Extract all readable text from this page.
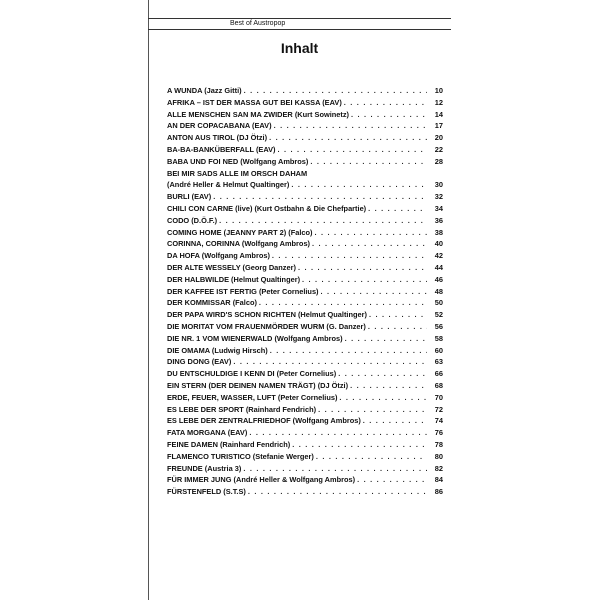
Best of Austropop
Inhalt
A WUNDA (Jazz Gitti) . . .	10
AFRIKA – IST DER MASSA GUT BEI KASSA (EAV) . . .	12
ALLE MENSCHEN SAN MA ZWIDER (Kurt Sowinetz) . . .	14
AN DER COPACABANA (EAV) . . .	17
ANTON AUS TIROL (DJ Ötzi) . . .	20
BA-BA-BANKÜBERFALL (EAV) . . .	22
BABA UND FOI NED (Wolfgang Ambros) . . .	28
BEI MIR SADS ALLE IM ORSCH DAHAM
(André Heller & Helmut Qualtinger) . . .	30
BURLI (EAV) . . .	32
CHILI CON CARNE (live) (Kurt Ostbahn & Die Chefpartie) . . .	34
CODO (D.Ö.F.) . . .	36
COMING HOME (JEANNY PART 2) (Falco) . . .	38
CORINNA, CORINNA (Wolfgang Ambros) . . .	40
DA HOFA (Wolfgang Ambros) . . .	42
DER ALTE WESSELY (Georg Danzer) . . .	44
DER HALBWILDE (Helmut Qualtinger) . . .	46
DER KAFFEE IST FERTIG (Peter Cornelius) . . .	48
DER KOMMISSAR (Falco) . . .	50
DER PAPA WIRD'S SCHON RICHTEN (Helmut Qualtinger) . . .	52
DIE MORITAT VOM FRAUENMÖRDER WURM (G. Danzer) . . .	56
DIE NR. 1 VOM WIENERWALD (Wolfgang Ambros) . . .	58
DIE OMAMA (Ludwig Hirsch) . . .	60
DING DONG (EAV) . . .	63
DU ENTSCHULDIGE I KENN DI (Peter Cornelius) . . .	66
EIN STERN (DER DEINEN NAMEN TRÄGT) (DJ Ötzi) . . .	68
ERDE, FEUER, WASSER, LUFT (Peter Cornelius) . . .	70
ES LEBE DER SPORT (Rainhard Fendrich) . . .	72
ES LEBE DER ZENTRALFRIEDHOF (Wolfgang Ambros) . . .	74
FATA MORGANA (EAV) . . .	76
FEINE DAMEN (Rainhard Fendrich) . . .	78
FLAMENCO TURISTICO (Stefanie Werger) . . .	80
FREUNDE (Austria 3) . . .	82
FÜR IMMER JUNG (André Heller & Wolfgang Ambros) . . .	84
FÜRSTENFELD (S.T.S) . . .	86
